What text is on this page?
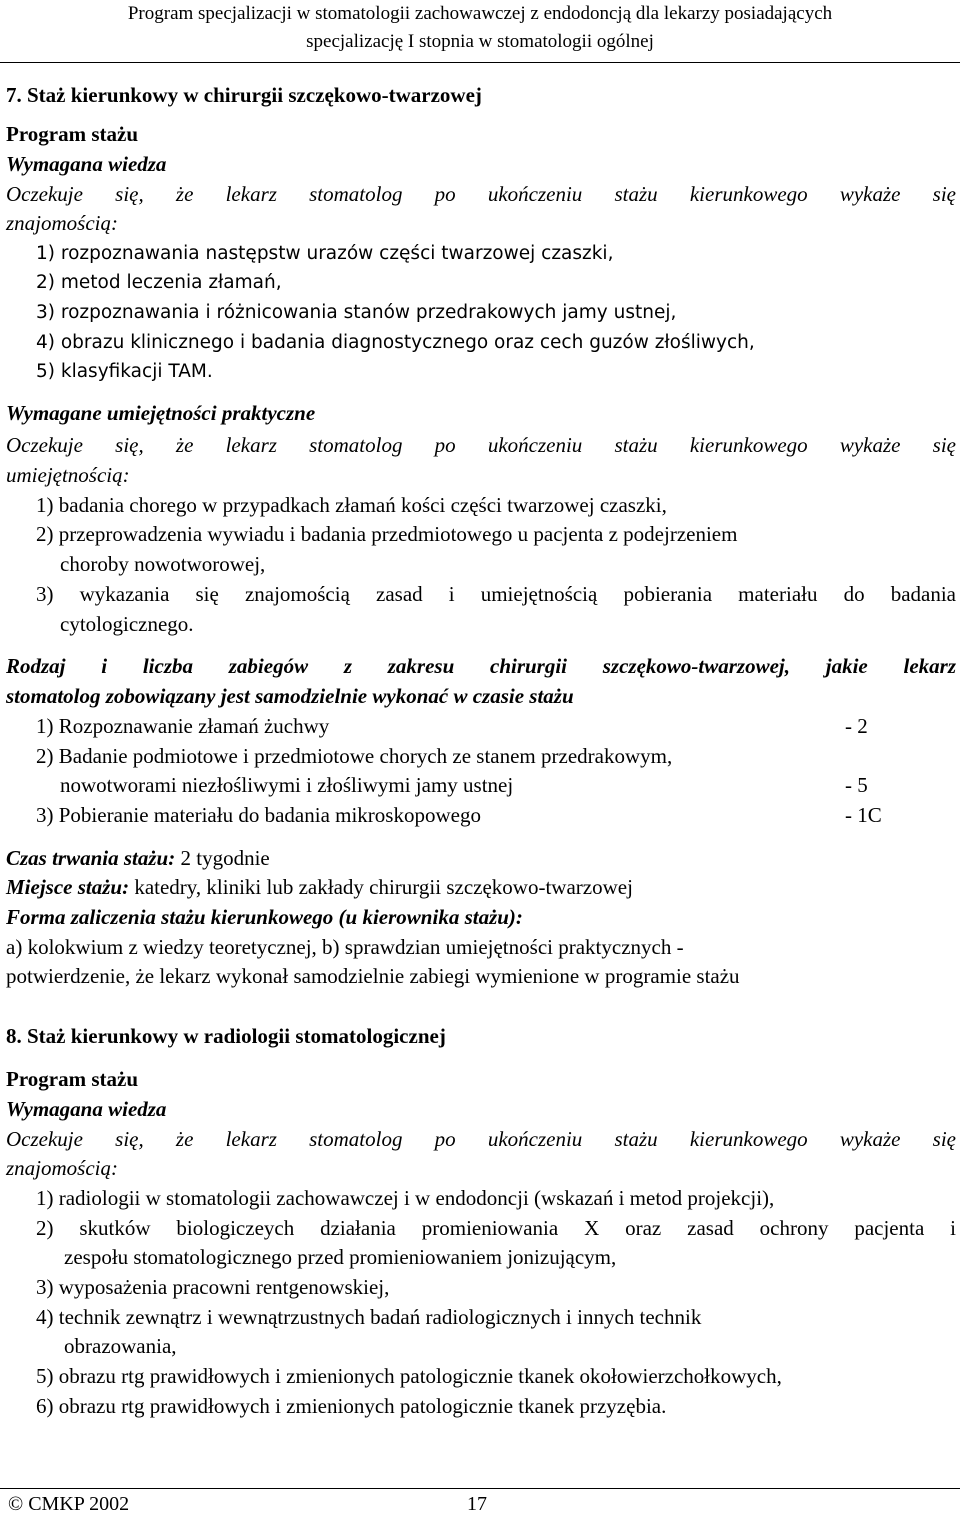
Program specjalizacji w stomatologii zachowawczej z endodoncją dla lekarzy posiadających
specjalizację I stopnia w stomatologii ogólnej
7. Staż kierunkowy w chirurgii szczękowo-twarzowej
Program stażu
Wymagana wiedza
Oczekuje się, że lekarz stomatolog po ukończeniu stażu kierunkowego wykaże się
znajomością:
1) rozpoznawania następstw urazów części twarzowej czaszki,
2) metod leczenia złamań,
3) rozpoznawania i różnicowania stanów przedrakowych jamy ustnej,
4) obrazu klinicznego i badania diagnostycznego oraz cech guzów złośliwych,
5) klasyfikacji TAM.
Wymagane umiejętności praktyczne
Oczekuje się, że lekarz stomatolog po ukończeniu stażu kierunkowego wykaże się
umiejętnością:
1) badania chorego w przypadkach złamań kości części twarzowej czaszki,
2) przeprowadzenia wywiadu i badania przedmiotowego u pacjenta z podejrzeniem
choroby nowotworowej,
3) wykazania się znajomością zasad i umiejętnością pobierania materiału do badania
cytologicznego.
Rodzaj i liczba zabiegów z zakresu chirurgii szczękowo-twarzowej, jakie lekarz
stomatolog zobowiązany jest samodzielnie wykonać w czasie stażu
1) Rozpoznawanie złamań żuchwy	- 2
2) Badanie podmiotowe i przedmiotowe chorych ze stanem przedrakowym,
nowotworami niezłośliwymi i złośliwymi jamy ustnej	- 5
3) Pobieranie materiału do badania mikroskopowego	- 1C
Czas trwania stażu: 2 tygodnie
Miejsce stażu: katedry, kliniki lub zakłady chirurgii szczękowo-twarzowej
Forma zaliczenia stażu kierunkowego (u kierownika stażu):
a) kolokwium z wiedzy teoretycznej, b) sprawdzian umiejętności praktycznych -
potwierdzenie, że lekarz wykonał samodzielnie zabiegi wymienione w programie stażu
8. Staż kierunkowy w radiologii stomatologicznej
Program stażu
Wymagana wiedza
Oczekuje się, że lekarz stomatolog po ukończeniu stażu kierunkowego wykaże się
znajomością:
1) radiologii w stomatologii zachowawczej i w endodoncji (wskazań i metod projekcji),
2) skutków biologiczeych działania promieniowania X oraz zasad ochrony pacjenta i
zespołu stomatologicznego przed promieniowaniem jonizującym,
3) wyposażenia pracowni rentgenowskiej,
4) technik zewnątrz i wewnątrzustnych badań radiologicznych i innych technik
obrazowania,
5) obrazu rtg prawidłowych i zmienionych patologicznie tkanek okołowierzchołkowych,
6) obrazu rtg prawidłowych i zmienionych patologicznie tkanek przyzębia.
© CMKP 2002	17
